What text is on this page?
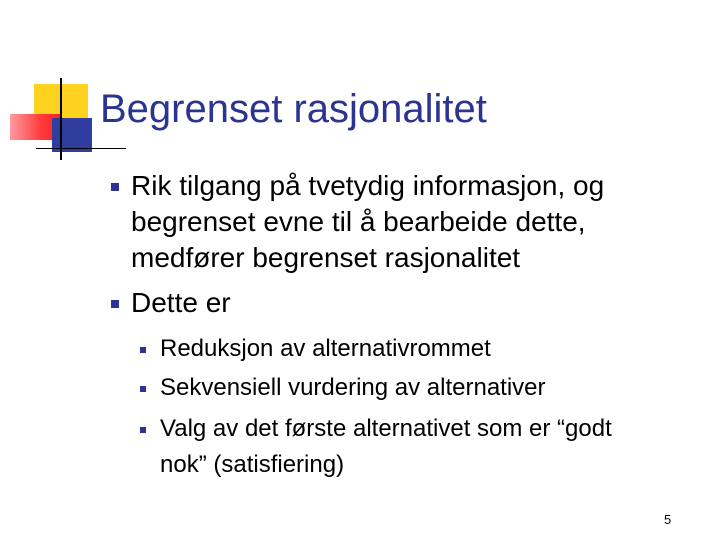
Begrenset rasjonalitet
Rik tilgang på tvetydig informasjon, og
begrenset evne til å bearbeide dette,
medfører begrenset rasjonalitet
Dette er
Reduksjon av alternativrommet
Sekvensiell vurdering av alternativer
Valg av det første alternativet som er “godt
nok” (satisfiering)
5
